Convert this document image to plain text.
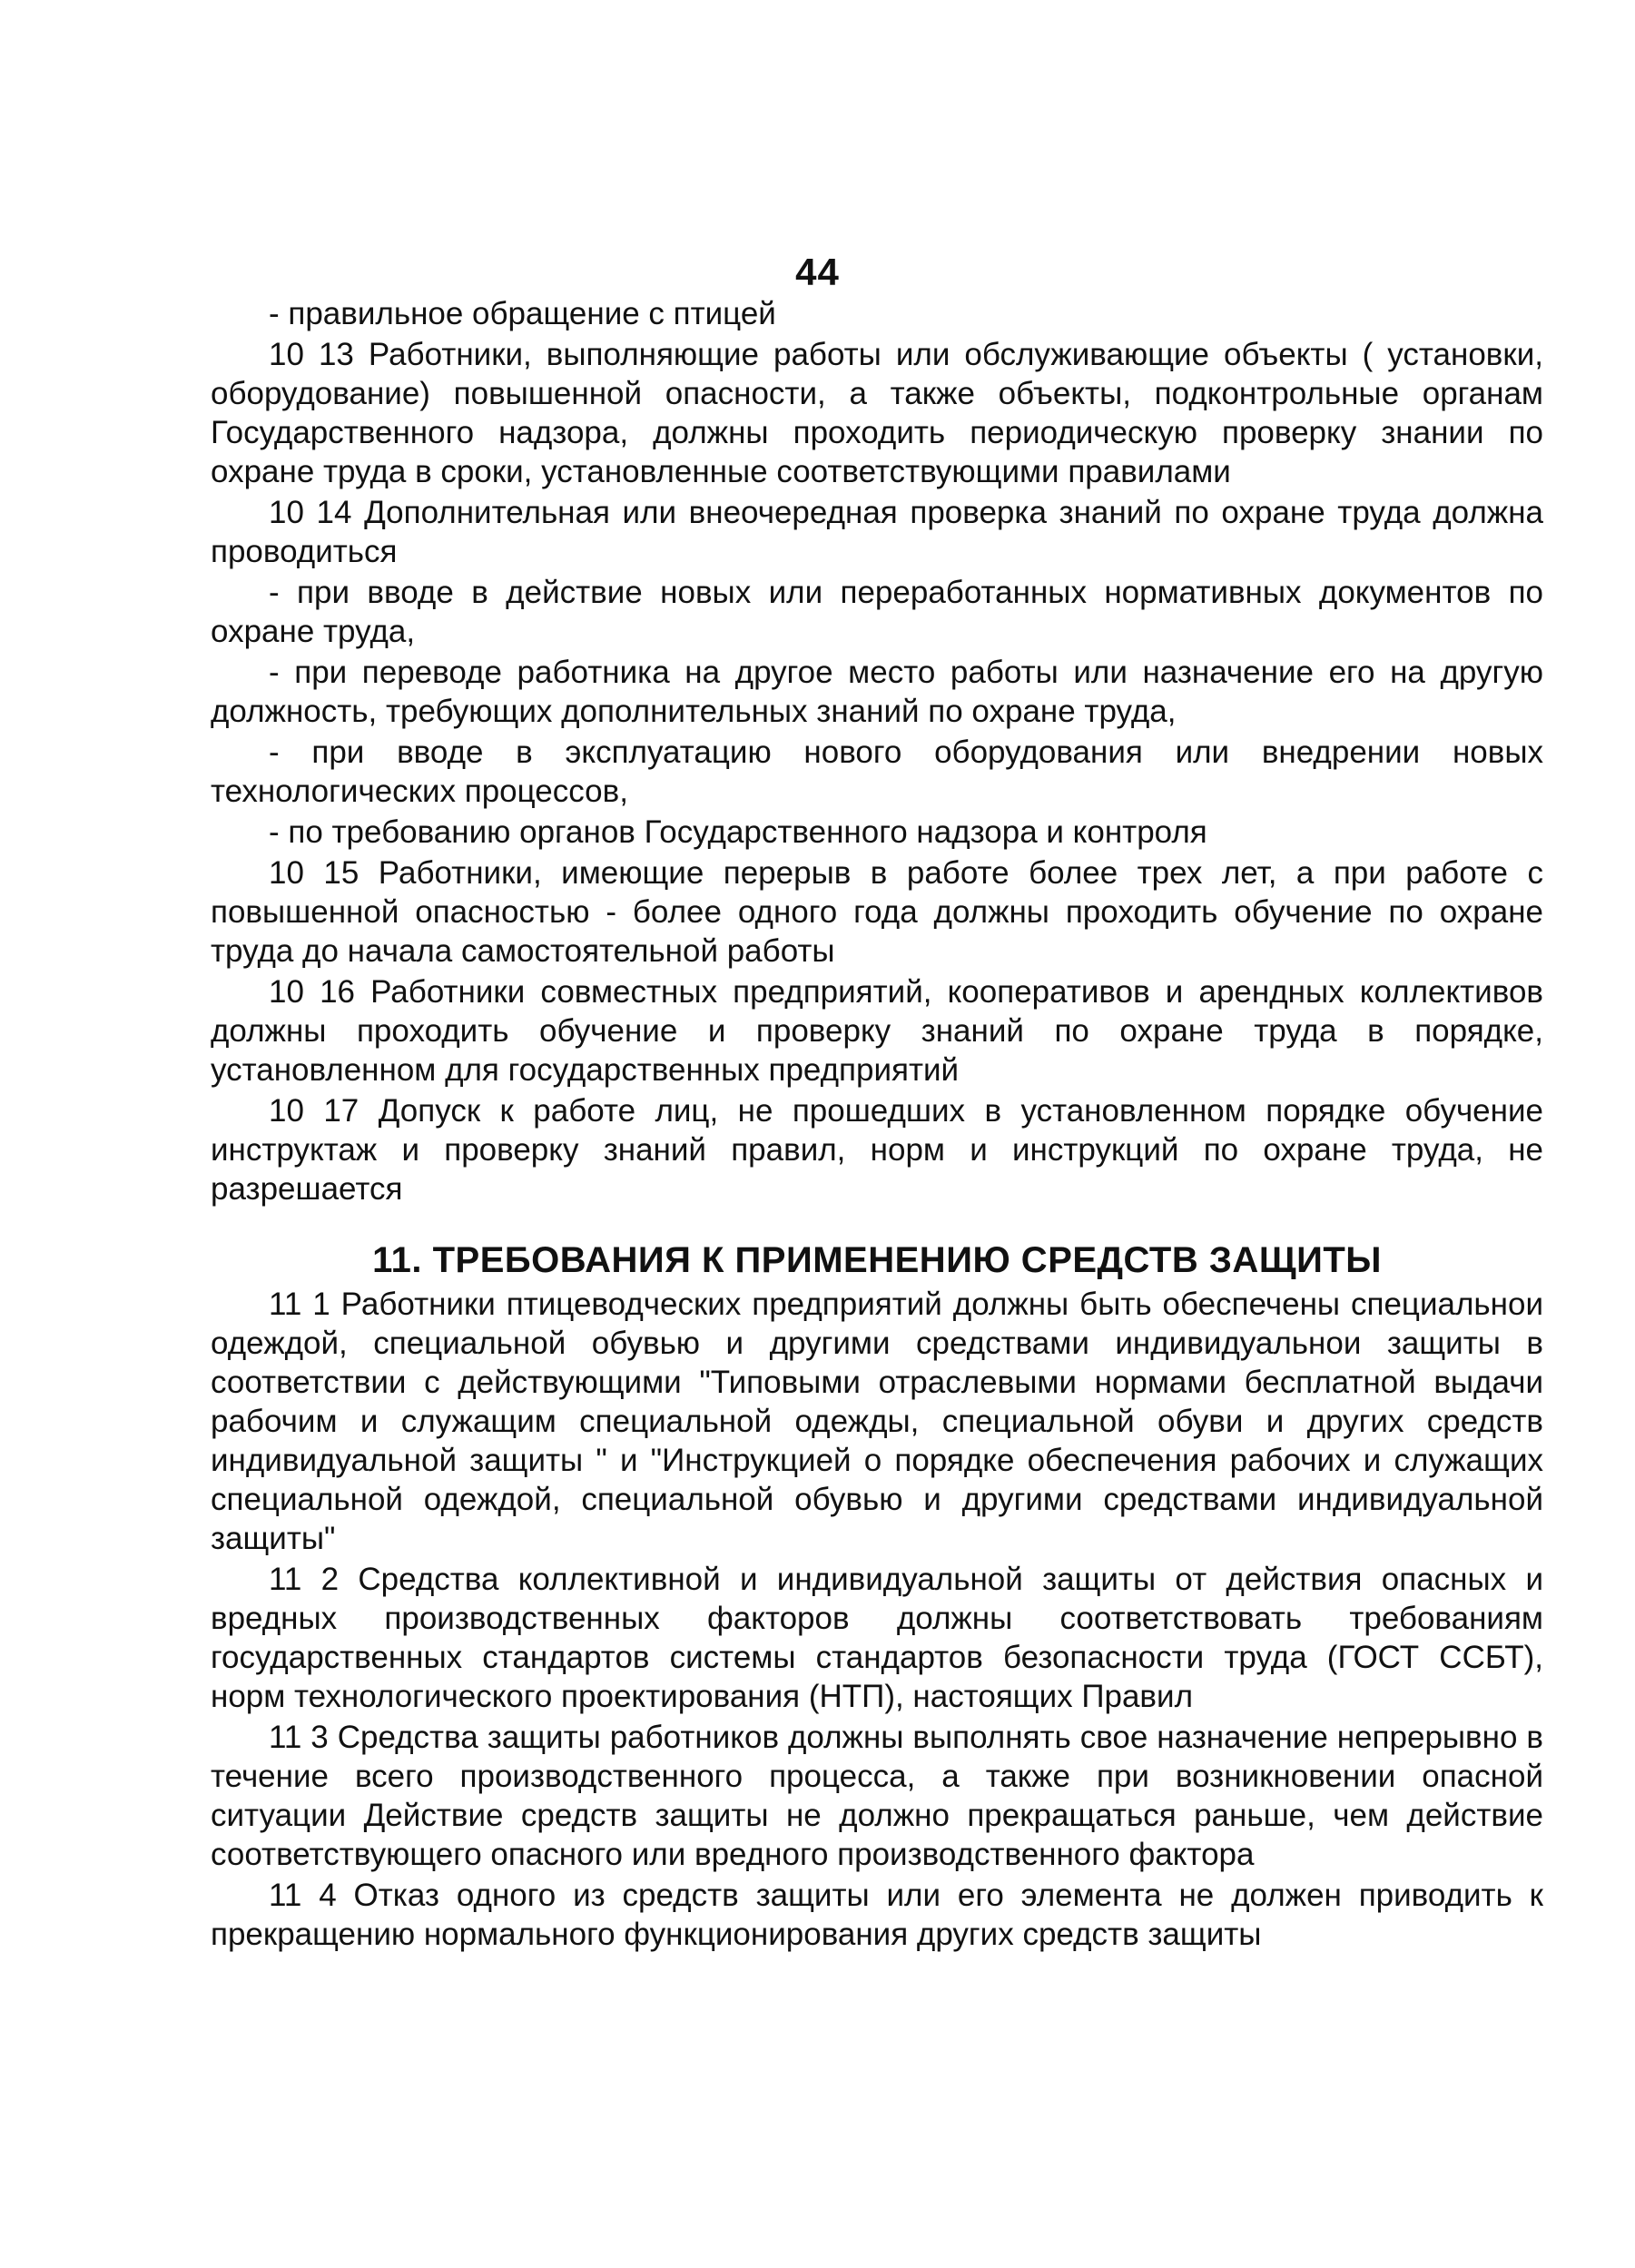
44

- правильное обращение с птицей

10 13 Работники, выполняющие работы или обслуживающие объекты ( установки, оборудование) повышенной опасности, а также объекты, подконтрольные органам Государственного надзора, должны проходить периодическую проверку знании по охране труда в сроки, установленные соответствующими правилами

10 14 Дополнительная или внеочередная проверка знаний по охране труда должна проводиться

- при вводе в действие новых или переработанных нормативных документов по охране труда,

- при переводе работника на другое место работы или назначение его на другую должность, требующих дополнительных знаний по охране труда,

- при вводе в эксплуатацию нового оборудования или внедрении новых технологических процессов,

- по требованию органов Государственного надзора и контроля

10 15 Работники, имеющие перерыв в работе более трех лет, а при работе с повышенной опасностью - более одного года должны проходить обучение по охране труда до начала самостоятельной работы

10 16 Работники совместных предприятий, кооперативов и арендных коллективов должны проходить обучение и проверку знаний по охране труда в порядке, установленном для государственных предприятий

10 17 Допуск к работе лиц, не прошедших в установленном порядке обучение инструктаж и проверку знаний правил, норм и инструкций по охране труда, не разрешается

11. ТРЕБОВАНИЯ К ПРИМЕНЕНИЮ СРЕДСТВ ЗАЩИТЫ

11 1 Работники птицеводческих предприятий должны быть обеспечены специальнои одеждой, специальной обувью и другими средствами индивидуальнои защиты в соответствии с действующими "Типовыми отраслевыми нормами бесплатной выдачи рабочим и служащим специальной одежды, специальной обуви и других средств индивидуальной защиты " и "Инструкцией о порядке обеспечения рабочих и служащих специальной одеждой, специальной обувью и другими средствами индивидуальной защиты"

11 2 Средства коллективной и индивидуальной защиты от действия опасных и вредных производственных факторов должны соответствовать требованиям государственных стандартов системы стандартов безопасности труда (ГОСТ ССБТ), норм технологического проектирования (НТП), настоящих Правил

11 3 Средства защиты работников должны выполнять свое назначение непрерывно в течение всего производственного процесса, а также при возникновении опасной ситуации Действие средств защиты не должно прекращаться раньше, чем действие соответствующего опасного или вредного производственного фактора

11 4 Отказ одного из средств защиты или его элемента не должен приводить к прекращению нормального функционирования других средств защиты
